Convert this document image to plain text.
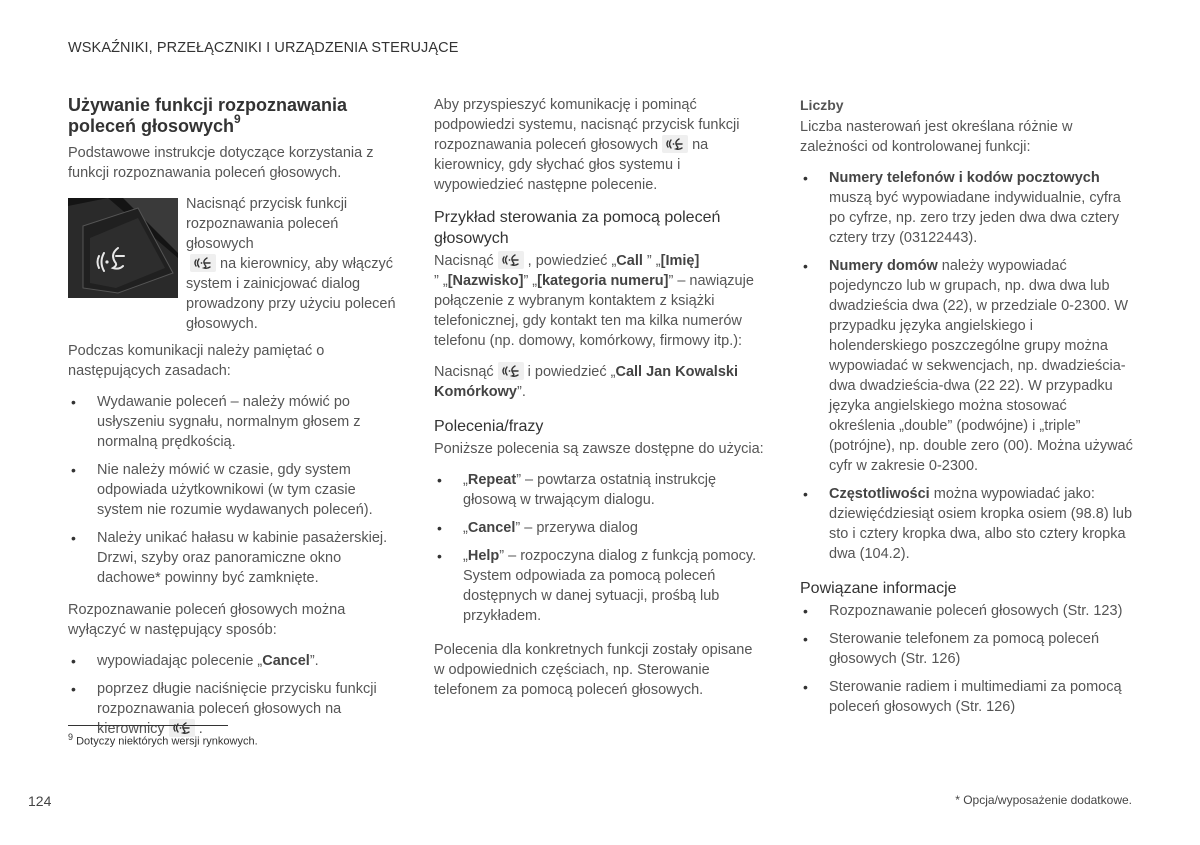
WSKAŹNIKI, PRZEŁĄCZNIKI I URZĄDZENIA STERUJĄCE
Używanie funkcji rozpoznawania poleceń głosowych$^9$

Podstawowe instrukcje dotyczące korzystania z funkcji rozpoznawania poleceń głosowych.

Nacisnąć przycisk funkcji rozpoznawania poleceń głosowych

na kierownicy, aby włączyć system i zainicjować dialog prowadzony przy użyciu poleceń głosowych.

Podczas komunikacji należy pamiętać o następujących zasadach:

• Wydawanie poleceń – należy mówić po usłyszeniu sygnału, normalnym głosem z normalną prędkością.
• Nie należy mówić w czasie, gdy system odpowiada użytkownikowi (w tym czasie system nie rozumie wydawanych poleceń).
• Należy unikać hałasu w kabinie pasażerskiej. Drzwi, szyby oraz panoramiczne okno dachowe* powinny być zamknięte.

Rozpoznawanie poleceń głosowych można wyłączyć w następujący sposób:

• wypowiadając polecenie „Cancel”.
• poprzez długie naciśnięcie przycisku funkcji rozpoznawania poleceń głosowych na kierownicy .

Aby przyspieszyć komunikację i pominąć podpowiedzi systemu, nacisnąć przycisk funkcji rozpoznawania poleceń głosowych na kierownicy, gdy słychać głos systemu i wypowiedzieć następne polecenie.

Przykład sterowania za pomocą poleceń głosowych

Nacisnąć , powiedzieć „Call ” „[Imię]
” „[Nazwisko]” „[kategoria numeru]” – nawiązuje połączenie z wybranym kontaktem z książki telefonicznej, gdy kontakt ten ma kilka numerów telefonu (np. domowy, komórkowy, firmowy itp.):

Nacisnąć i powiedzieć „Call Jan Kowalski Komórkowy”.

Polecenia/frazy

Poniższe polecenia są zawsze dostępne do użycia:

• „Repeat” – powtarza ostatnią instrukcję głosową w trwającym dialogu.
• „Cancel” – przerywa dialog
• „Help” – rozpoczyna dialog z funkcją pomocy. System odpowiada za pomocą poleceń dostępnych w danej sytuacji, prośbą lub przykładem.

Polecenia dla konkretnych funkcji zostały opisane w odpowiednich częściach, np. Sterowanie telefonem za pomocą poleceń głosowych.

Liczby

Liczba nasterowań jest określana różnie w zależności od kontrolowanej funkcji:

• Numery telefonów i kodów pocztowych muszą być wypowiadane indywidualnie, cyfra po cyfrze, np. zero trzy jeden dwa dwa cztery cztery trzy (03122443).
• Numery domów należy wypowiadać pojedynczo lub w grupach, np. dwa dwa lub dwadzieścia dwa (22), w przedziale 0-2300. W przypadku języka angielskiego i holenderskiego poszczególne grupy można wypowiadać w sekwencjach, np. dwadzieścia-dwa dwadzieścia-dwa (22 22). W przypadku języka angielskiego można stosować określenia „double” (podwójne) i „triple” (potrójne), np. double zero (00). Można używać cyfr w zakresie 0-2300.
• Częstotliwości można wypowiadać jako: dziewięćdziesiąt osiem kropka osiem (98.8) lub sto i cztery kropka dwa, albo sto cztery kropka dwa (104.2).
Powiązane informacje
• Rozpoznawanie poleceń głosowych (Str. 123)
• Sterowanie telefonem za pomocą poleceń głosowych (Str. 126)
• Sterowanie radiem i multimediami za pomocą poleceń głosowych (Str. 126)
$^9$ Dotyczy niektórych wersji rynkowych.
124	* Opcja/wyposażenie dodatkowe.
